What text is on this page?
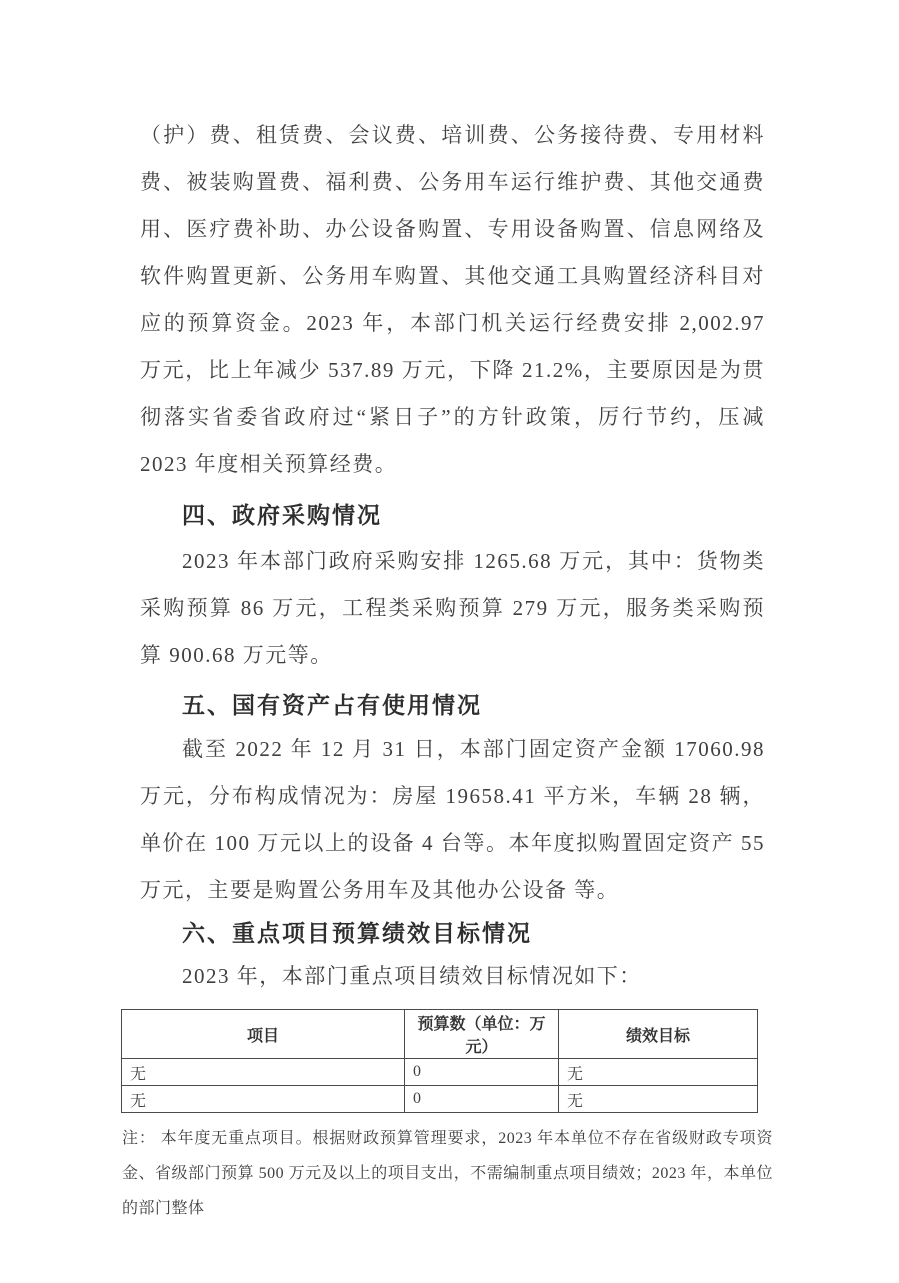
（护）费、租赁费、会议费、培训费、公务接待费、专用材料费、被装购置费、福利费、公务用车运行维护费、其他交通费用、医疗费补助、办公设备购置、专用设备购置、信息网络及软件购置更新、公务用车购置、其他交通工具购置经济科目对应的预算资金。2023 年，本部门机关运行经费安排 2,002.97 万元，比上年减少 537.89 万元，下降 21.2%，主要原因是为贯彻落实省委省政府过“紧日子”的方针政策，厉行节约，压减 2023 年度相关预算经费。

四、政府采购情况

2023 年本部门政府采购安排 1265.68 万元，其中：货物类采购预算 86 万元，工程类采购预算 279 万元，服务类采购预算 900.68 万元等。

五、国有资产占有使用情况

截至 2022 年 12 月 31 日，本部门固定资产金额 17060.98 万元，分布构成情况为：房屋 19658.41 平方米，车辆 28 辆，单价在 100 万元以上的设备 4 台等。本年度拟购置固定资产 55 万元，主要是购置公务用车及其他办公设备 等。

六、重点项目预算绩效目标情况

2023 年，本部门重点项目绩效目标情况如下：

项目	预算数（单位：万元）	绩效目标
无	0	无
无	0	无

注： 本年度无重点项目。根据财政预算管理要求，2023 年本单位不存在省级财政专项资金、省级部门预算 500 万元及以上的项目支出，不需编制重点项目绩效；2023 年，本单位的部门整体
